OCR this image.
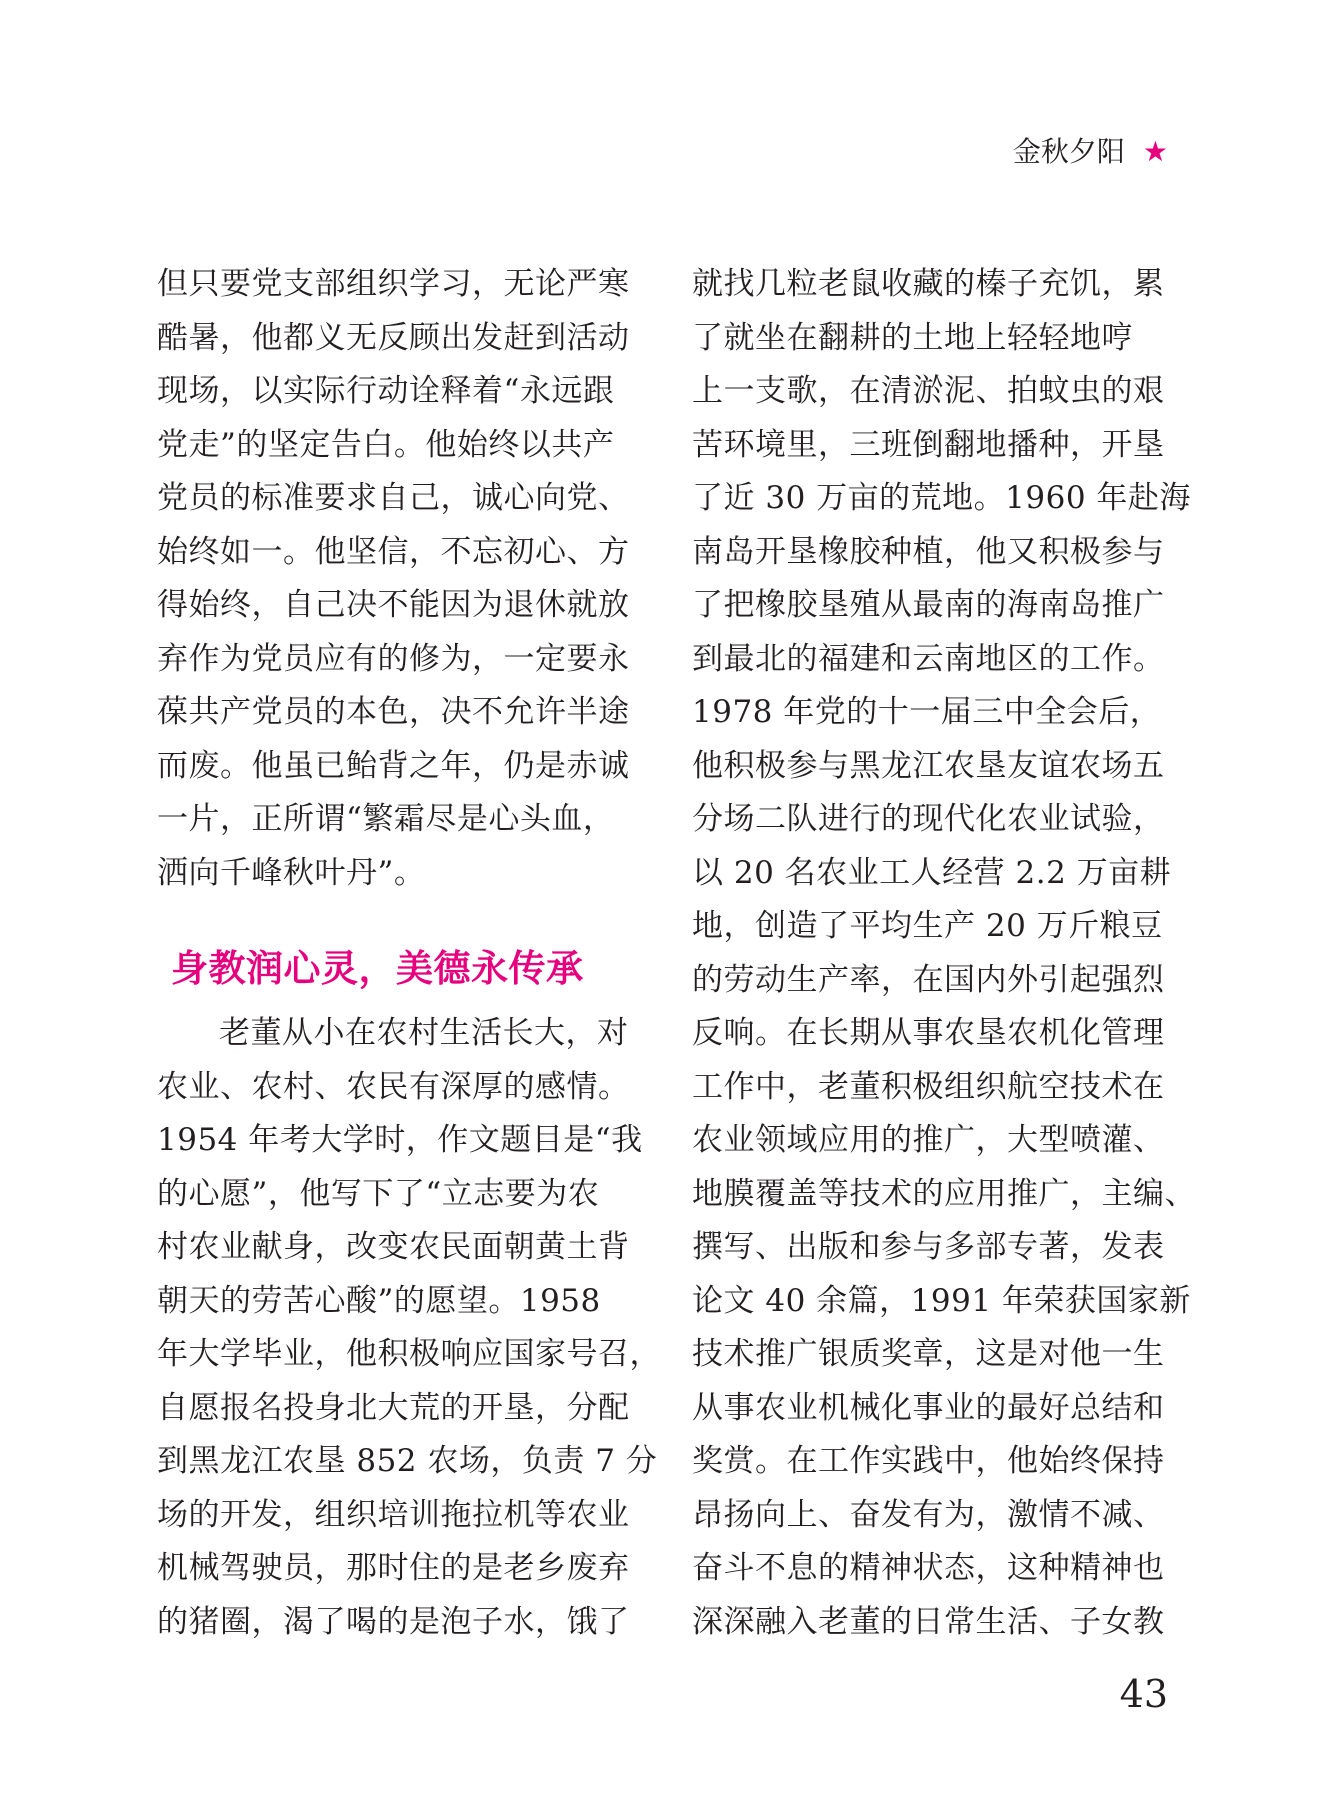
金秋夕阳 ★
但只要党支部组织学习，无论严寒
酷暑，他都义无反顾出发赶到活动
现场，以实际行动诠释着“永远跟
党走”的坚定告白。他始终以共产
党员的标准要求自己，诚心向党、
始终如一。他坚信，不忘初心、方
得始终，自己决不能因为退休就放
弃作为党员应有的修为，一定要永
葆共产党员的本色，决不允许半途
而废。他虽已鲐背之年，仍是赤诚
一片，正所谓“繁霜尽是心头血，
洒向千峰秋叶丹”。
身教润心灵，美德永传承
老董从小在农村生活长大，对
农业、农村、农民有深厚的感情。
1954 年考大学时，作文题目是“我
的心愿”，他写下了“立志要为农
村农业献身，改变农民面朝黄土背
朝天的劳苦心酸”的愿望。1958
年大学毕业，他积极响应国家号召，
自愿报名投身北大荒的开垦，分配
到黑龙江农垦 852 农场，负责 7 分
场的开发，组织培训拖拉机等农业
机械驾驶员，那时住的是老乡废弃
的猪圈，渴了喝的是泡子水，饿了
就找几粒老鼠收藏的榛子充饥，累
了就坐在翻耕的土地上轻轻地哼
上一支歌，在清淤泥、拍蚊虫的艰
苦环境里，三班倒翻地播种，开垦
了近 30 万亩的荒地。1960 年赴海
南岛开垦橡胶种植，他又积极参与
了把橡胶垦殖从最南的海南岛推广
到最北的福建和云南地区的工作。
1978 年党的十一届三中全会后，
他积极参与黑龙江农垦友谊农场五
分场二队进行的现代化农业试验，
以 20 名农业工人经营 2.2 万亩耕
地，创造了平均生产 20 万斤粮豆
的劳动生产率，在国内外引起强烈
反响。在长期从事农垦农机化管理
工作中，老董积极组织航空技术在
农业领域应用的推广，大型喷灌、
地膜覆盖等技术的应用推广，主编、
撰写、出版和参与多部专著，发表
论文 40 余篇，1991 年荣获国家新
技术推广银质奖章，这是对他一生
从事农业机械化事业的最好总结和
奖赏。在工作实践中，他始终保持
昂扬向上、奋发有为，激情不减、
奋斗不息的精神状态，这种精神也
深深融入老董的日常生活、子女教
43
